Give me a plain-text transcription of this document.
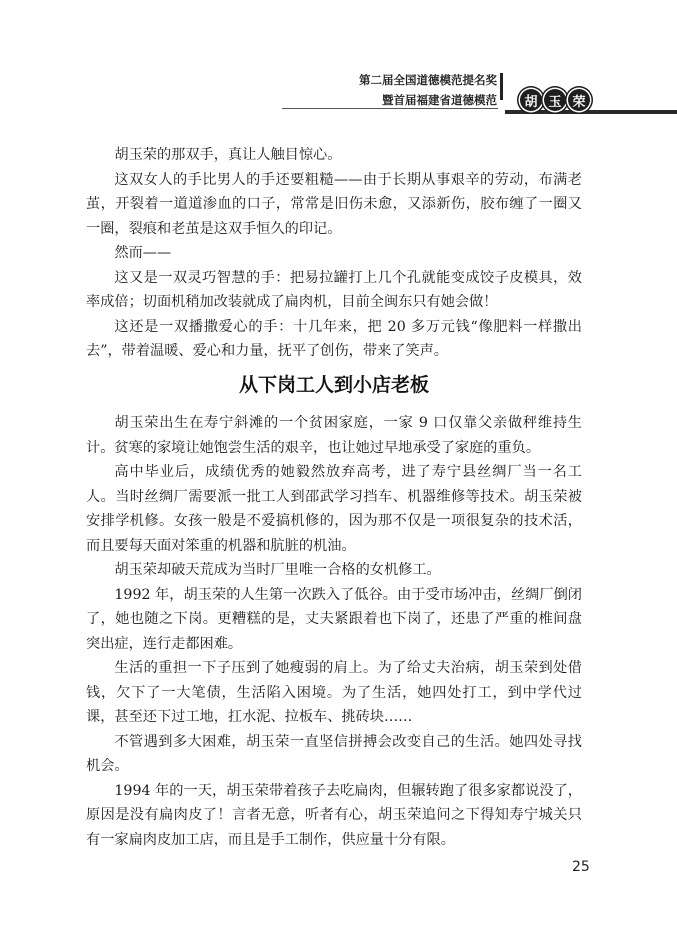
第二届全国道德模范提名奖
暨首届福建省道德模范	胡 玉 荣

胡玉荣的那双手，真让人触目惊心。

这双女人的手比男人的手还要粗糙——由于长期从事艰辛的劳动，布满老茧，开裂着一道道渗血的口子，常常是旧伤未愈，又添新伤，胶布缠了一圈又一圈，裂痕和老茧是这双手恒久的印记。

然而——

这又是一双灵巧智慧的手：把易拉罐打上几个孔就能变成饺子皮模具，效率成倍；切面机稍加改装就成了扁肉机，目前全闽东只有她会做！

这还是一双播撒爱心的手：十几年来，把 20 多万元钱“像肥料一样撒出去”，带着温暖、爱心和力量，抚平了创伤，带来了笑声。

从下岗工人到小店老板

胡玉荣出生在寿宁斜滩的一个贫困家庭，一家 9 口仅靠父亲做秤维持生计。贫寒的家境让她饱尝生活的艰辛，也让她过早地承受了家庭的重负。

高中毕业后，成绩优秀的她毅然放弃高考，进了寿宁县丝绸厂当一名工人。当时丝绸厂需要派一批工人到邵武学习挡车、机器维修等技术。胡玉荣被安排学机修。女孩一般是不爱搞机修的，因为那不仅是一项很复杂的技术活，而且要每天面对笨重的机器和肮脏的机油。

胡玉荣却破天荒成为当时厂里唯一合格的女机修工。

1992 年，胡玉荣的人生第一次跌入了低谷。由于受市场冲击，丝绸厂倒闭了，她也随之下岗。更糟糕的是，丈夫紧跟着也下岗了，还患了严重的椎间盘突出症，连行走都困难。

生活的重担一下子压到了她瘦弱的肩上。为了给丈夫治病，胡玉荣到处借钱，欠下了一大笔债，生活陷入困境。为了生活，她四处打工，到中学代过课，甚至还下过工地，扛水泥、拉板车、挑砖块……

不管遇到多大困难，胡玉荣一直坚信拼搏会改变自己的生活。她四处寻找机会。

1994 年的一天，胡玉荣带着孩子去吃扁肉，但辗转跑了很多家都说没了，原因是没有扁肉皮了！言者无意，听者有心，胡玉荣追问之下得知寿宁城关只有一家扁肉皮加工店，而且是手工制作，供应量十分有限。

25
